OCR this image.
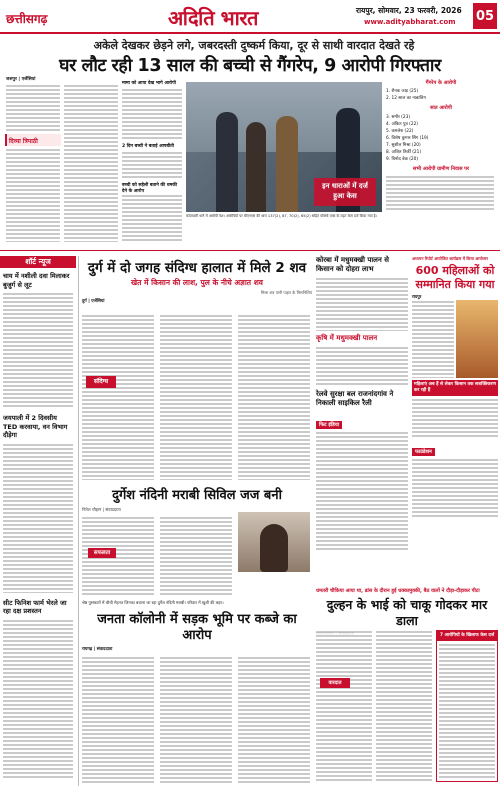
छत्तीसगढ़	अदिति भारत	रायपुर, सोमवार, 23 फरवरी, 2026
www.adityabharat.com 05
अकेले देखकर छेड़ने लगे, जबरदस्ती दुष्कर्म किया, दूर से साथी वारदात देखते रहे
घर लौट रही 13 साल की बच्ची से गैंगरेप, 9 आरोपी गिरफ्तार
जशपुर | एजेंसियां
दिव्या त्रिपाठी
मामा को आया देख भागे आरोपी
2 दिन बच्ची ने बताई आपबीती
बच्ची को सहेली बताने की धमकी देने के आरोप
इन धाराओं में दर्ज हुआ केस
कोतवाली थाने में आरोपी पेश। आरोपियों पर बीएनएस की धारा 137(2), 87, 70(2), 65(2) सहित पॉक्सो एक्ट के तहत केस दर्ज किया गया है।
गैंगरेप के आरोपी
1. रौनक जाड़ (25)
2. 12 साल का नाबालिग
सात आरोपी
3. समीर (23)
4. अंकित पुत्र (22)
5. कमलेश (22)
6. विशेष कुमार सिंग (19)
7. सुशील मिश्रा (20)
8. अजित तिर्की (21)
9. विनोद बेक (20)
सभी आरोपी ग्रामीण निवास पर
शॉर्ट न्यूज
चाय में नशीली दवा मिलाकर बुजुर्ग से लूट
जयपाली में 2 दिवसीय TED करवाया, वन विभाग दौड़ेगा
सीट फिनिश फार्म भेरले जा रहा दक्ष प्रशस्तन
दुर्ग में दो जगह संदिग्ध हालात में मिले 2 शव
खेत में किसान की लाश, पुल के नीचे अज्ञात शव
मिला शव पानी पाइप के मिलनिशिप
दुर्ग | एजेंसियां
संदिग्ध
दुर्गेश नंदिनी मराबी सिविल जज बनी
नितेश चौहान | संवाददाता
सफलता
श्रेष्ठ पुरस्कारों में चौथी मेहनत जिनका बचाना जा रहा दुर्गेश नंदिनी मराबी। परिवार में खुशी की लहर।
कोरबा में मधुमक्खी पालन से किसान को दोहरा लाभ
कृषि में मधुमक्खी पालन
रेलवे सुरक्षा बल राजनांदगांव ने निकाली साइकिल रैली
फिट इंडिया
अध्ययन रिपोर्ट आयोजित कार्यक्रम में किया आयोजन
600 महिलाओं को सम्मानित किया गया
रायपुर
महिलाएं अब हैं से लेकर किसान तक सशक्तिकरण कर रही हैं
फाउंडेशन
जनता कॉलोनी में सड़क भूमि पर कब्जे का आरोप
रायगढ़ | संवाददाता
धमतरी चौकिया आया था, ढांस के दौरान हुई धक्कामुक्की, बैठ वालों ने दौड़ा-दौड़ाकर पीटा
दुल्हन के भाई को चाकू गोदकर मार डाला
वारदात
7 आरोपियों के खिलाफ केस दर्ज
